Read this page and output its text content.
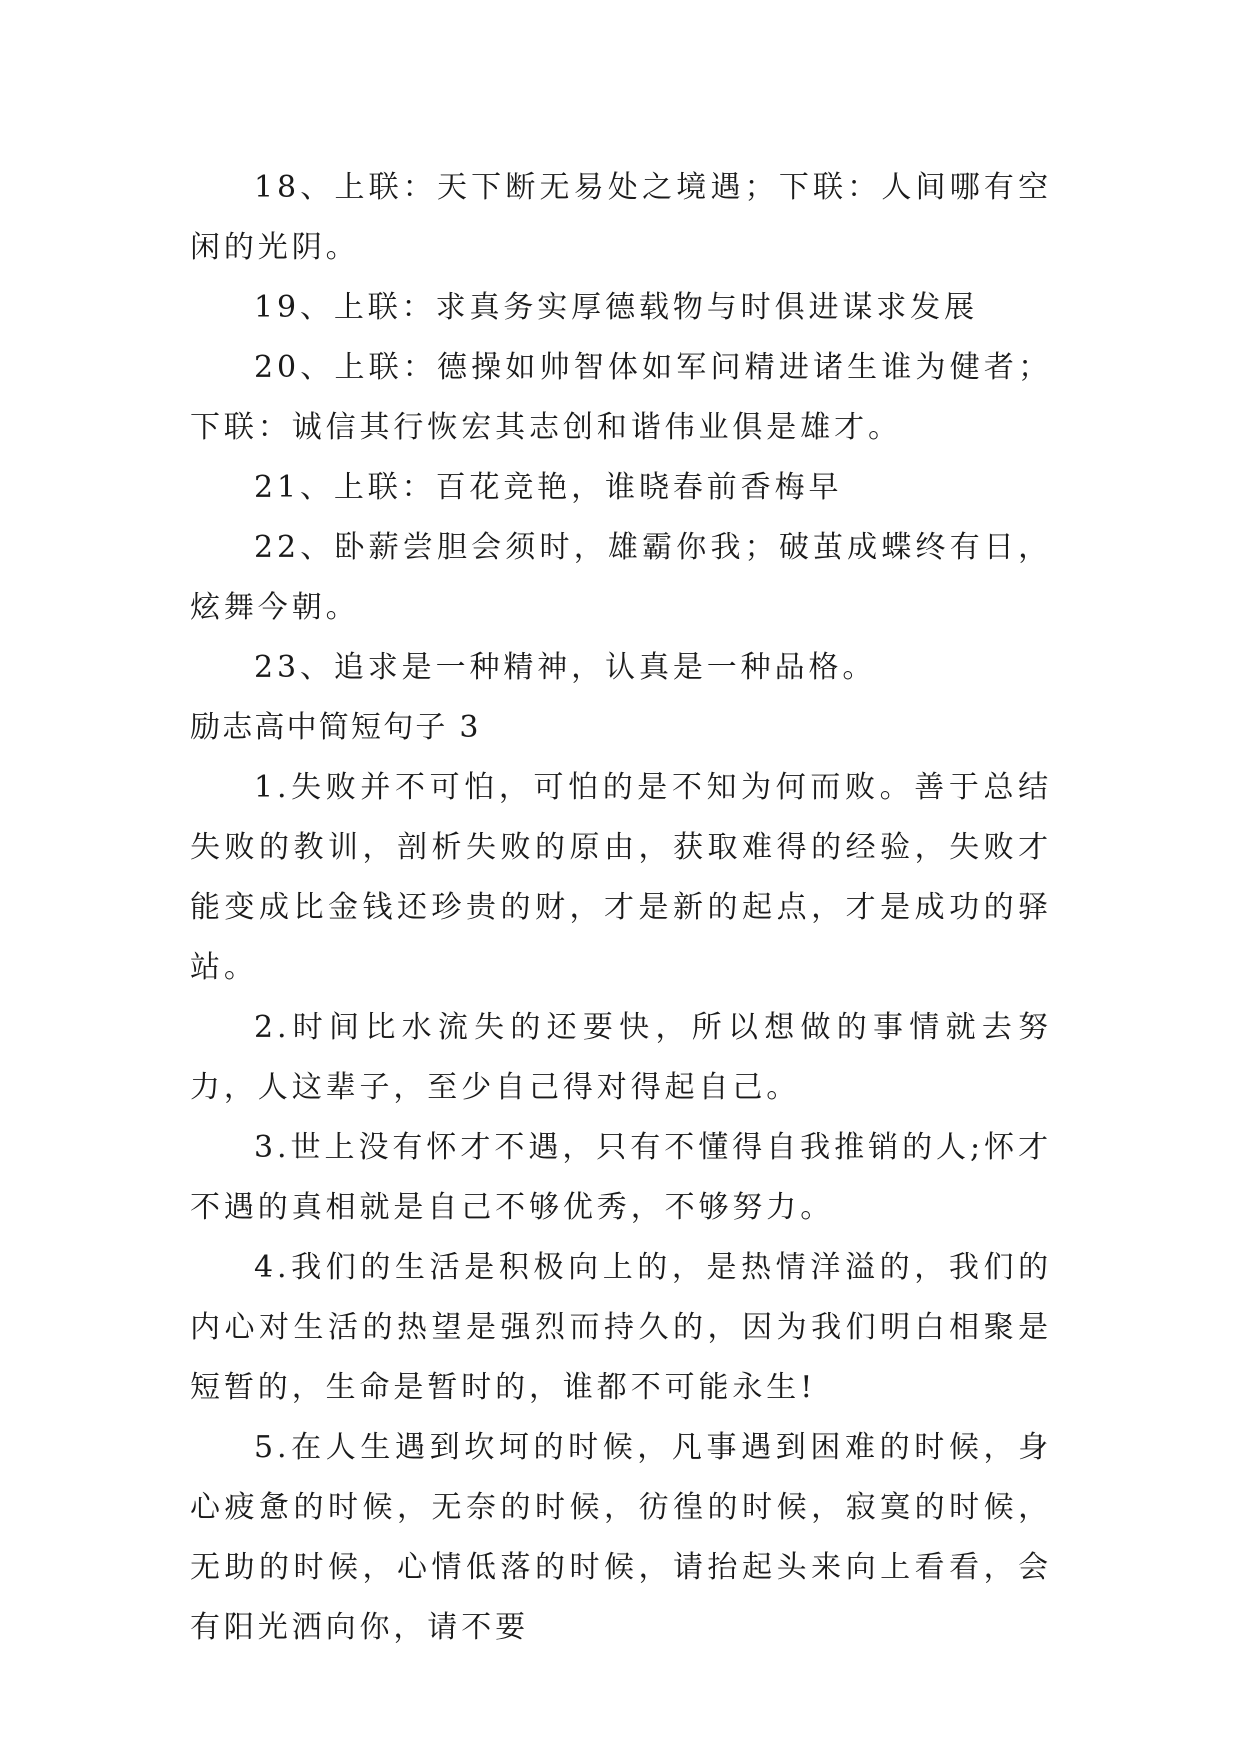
18、上联：天下断无易处之境遇；下联：人间哪有空闲的光阴。

19、上联：求真务实厚德载物与时俱进谋求发展

20、上联：德操如帅智体如军问精进诸生谁为健者；下联：诚信其行恢宏其志创和谐伟业俱是雄才。

21、上联：百花竞艳，谁晓春前香梅早

22、卧薪尝胆会须时，雄霸你我；破茧成蝶终有日，炫舞今朝。

23、追求是一种精神，认真是一种品格。

励志高中简短句子 3

1.失败并不可怕，可怕的是不知为何而败。善于总结失败的教训，剖析失败的原由，获取难得的经验，失败才能变成比金钱还珍贵的财，才是新的起点，才是成功的驿站。

2.时间比水流失的还要快，所以想做的事情就去努力，人这辈子，至少自己得对得起自己。

3.世上没有怀才不遇，只有不懂得自我推销的人;怀才不遇的真相就是自己不够优秀，不够努力。

4.我们的生活是积极向上的，是热情洋溢的，我们的内心对生活的热望是强烈而持久的，因为我们明白相聚是短暂的，生命是暂时的，谁都不可能永生!

5.在人生遇到坎坷的时候，凡事遇到困难的时候，身心疲惫的时候，无奈的时候，彷徨的时候，寂寞的时候，无助的时候，心情低落的时候，请抬起头来向上看看，会有阳光洒向你，请不要
